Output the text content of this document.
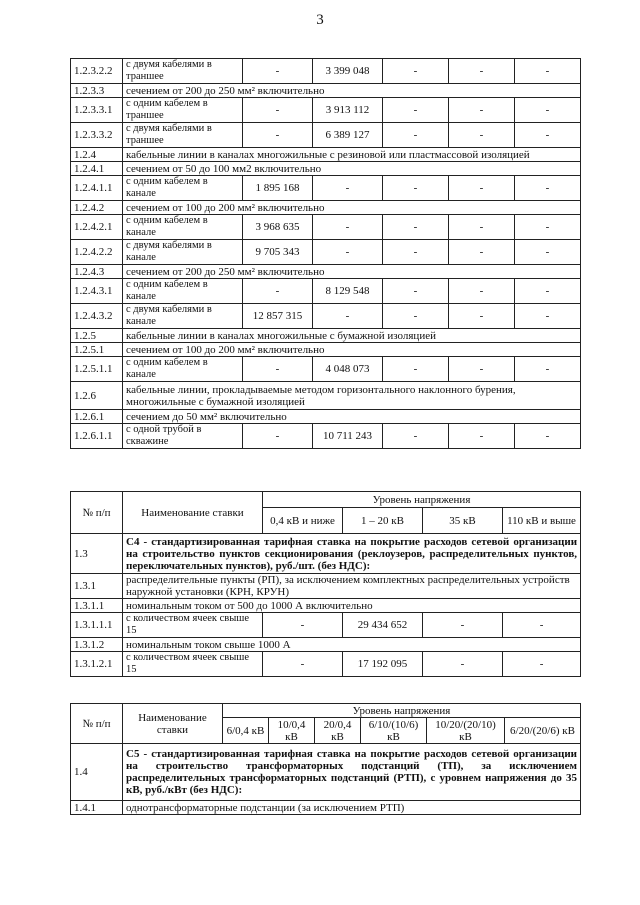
3
1.2.3.2.2	с двумя кабелями в траншее	-	3 399 048	-	-	-
1.2.3.3	сечением от 200 до 250 мм² включительно					
1.2.3.3.1	с одним кабелем в траншее	-	3 913 112	-	-	-
1.2.3.3.2	с двумя кабелями в траншее	-	6 389 127	-	-	-
1.2.4	кабельные линии в каналах многожильные с резиновой или пластмассовой изоляцией					
1.2.4.1	сечением от 50 до 100 мм2 включительно					
1.2.4.1.1	с одним кабелем в канале	1 895 168	-	-	-	-
1.2.4.2	сечением от 100 до 200 мм² включительно					
1.2.4.2.1	с одним кабелем в канале	3 968 635	-	-	-	-
1.2.4.2.2	с двумя кабелями в канале	9 705 343	-	-	-	-
1.2.4.3	сечением от 200 до 250 мм² включительно					
1.2.4.3.1	с одним кабелем в канале	-	8 129 548	-	-	-
1.2.4.3.2	с двумя кабелями в канале	12 857 315	-	-	-	-
1.2.5	кабельные линии в каналах многожильные с бумажной изоляцией					
1.2.5.1	сечением от 100 до 200 мм² включительно					
1.2.5.1.1	с одним кабелем в канале	-	4 048 073	-	-	-
1.2.6	кабельные линии, прокладываемые методом горизонтального наклонного бурения, многожильные с бумажной изоляцией					
1.2.6.1	сечением до 50 мм² включительно					
1.2.6.1.1	с одной трубой в скважине	-	10 711 243	-	-	-
№ п/п	Наименование ставки	Уровень напряжения			
		0,4 кВ и ниже	1 – 20 кВ	35 кВ	110 кВ и выше
1.3	С4 - стандартизированная тарифная ставка на покрытие расходов сетевой организации на строительство пунктов секционирования (реклоузеров, распределительных пунктов, переключательных пунктов), руб./шт. (без НДС):				
1.3.1	распределительные пункты (РП), за исключением комплектных распределительных устройств наружной установки (КРН, КРУН)				
1.3.1.1	номинальным током от 500 до 1000 А включительно				
1.3.1.1.1	с количеством ячеек свыше 15	-	29 434 652	-	-
1.3.1.2	номинальным током свыше 1000 А				
1.3.1.2.1	с количеством ячеек свыше 15	-	17 192 095	-	-
№ п/п	Наименование ставки	Уровень напряжения					
		6/0,4 кВ	10/0,4 кВ	20/0,4 кВ	6/10/(10/6) кВ	10/20/(20/10) кВ	6/20/(20/6) кВ
1.4	С5 - стандартизированная тарифная ставка на покрытие расходов сетевой организации на строительство трансформаторных подстанций (ТП), за исключением распределительных трансформаторных подстанций (РТП), с уровнем напряжения до 35 кВ, руб./кВт (без НДС):						
1.4.1	однотрансформаторные подстанции (за исключением РТП)						
